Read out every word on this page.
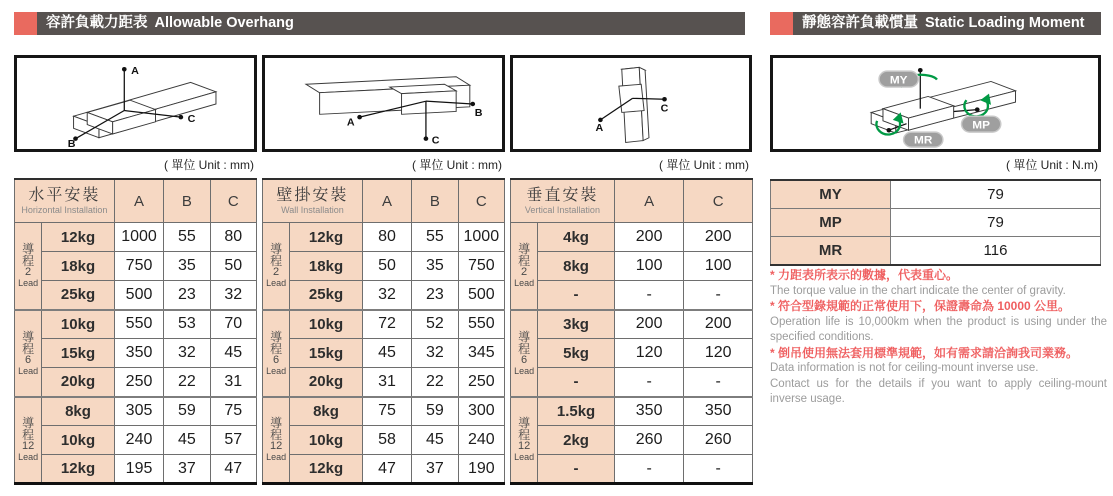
容許負載力距表 Allowable Overhang	靜態容許負載慣量 Static Loading Moment
A
C
B
( 單位 Unit : mm)
A
B
C
( 單位 Unit : mm)
A
C
( 單位 Unit : mm)
MY
MP
MR
( 單位 Unit : N.m)
水平安裝
Horizontal Installation		A	B	C

導程
2
Lead	12kg	1000	55	80
	18kg	750	35	50
	25kg	500	23	32

導程
6
Lead	10kg	550	53	70
	15kg	350	32	45
	20kg	250	22	31

導程
12
Lead	8kg	305	59	75
	10kg	240	45	57
	12kg	195	37	47
壁掛安裝
Wall Installation		A	B	C

導程
2
Lead	12kg	80	55	1000
	18kg	50	35	750
	25kg	32	23	500

導程
6
Lead	10kg	72	52	550
	15kg	45	32	345
	20kg	31	22	250

導程
12
Lead	8kg	75	59	300
	10kg	58	45	240
	12kg	47	37	190
垂直安裝
Vertical Installation		A	C

導程
2
Lead	4kg	200	200
	8kg	100	100
	-	-	-

導程
6
Lead	3kg	200	200
	5kg	120	120
	-	-	-

導程
12
Lead	1.5kg	350	350
	2kg	260	260
	-	-	-
MY	79
MP	79
MR	116
* 力距表所表示的數據，代表重心。
The torque value in the chart indicate the center of gravity.
* 符合型錄規範的正常使用下，保證壽命為 10000 公里。
Operation life is 10,000km when the product is using under the specified conditions.
* 倒吊使用無法套用標準規範，如有需求請洽詢我司業務。
Data information is not for ceiling-mount inverse use.
Contact us for the details if you want to apply ceiling-mount inverse usage.
